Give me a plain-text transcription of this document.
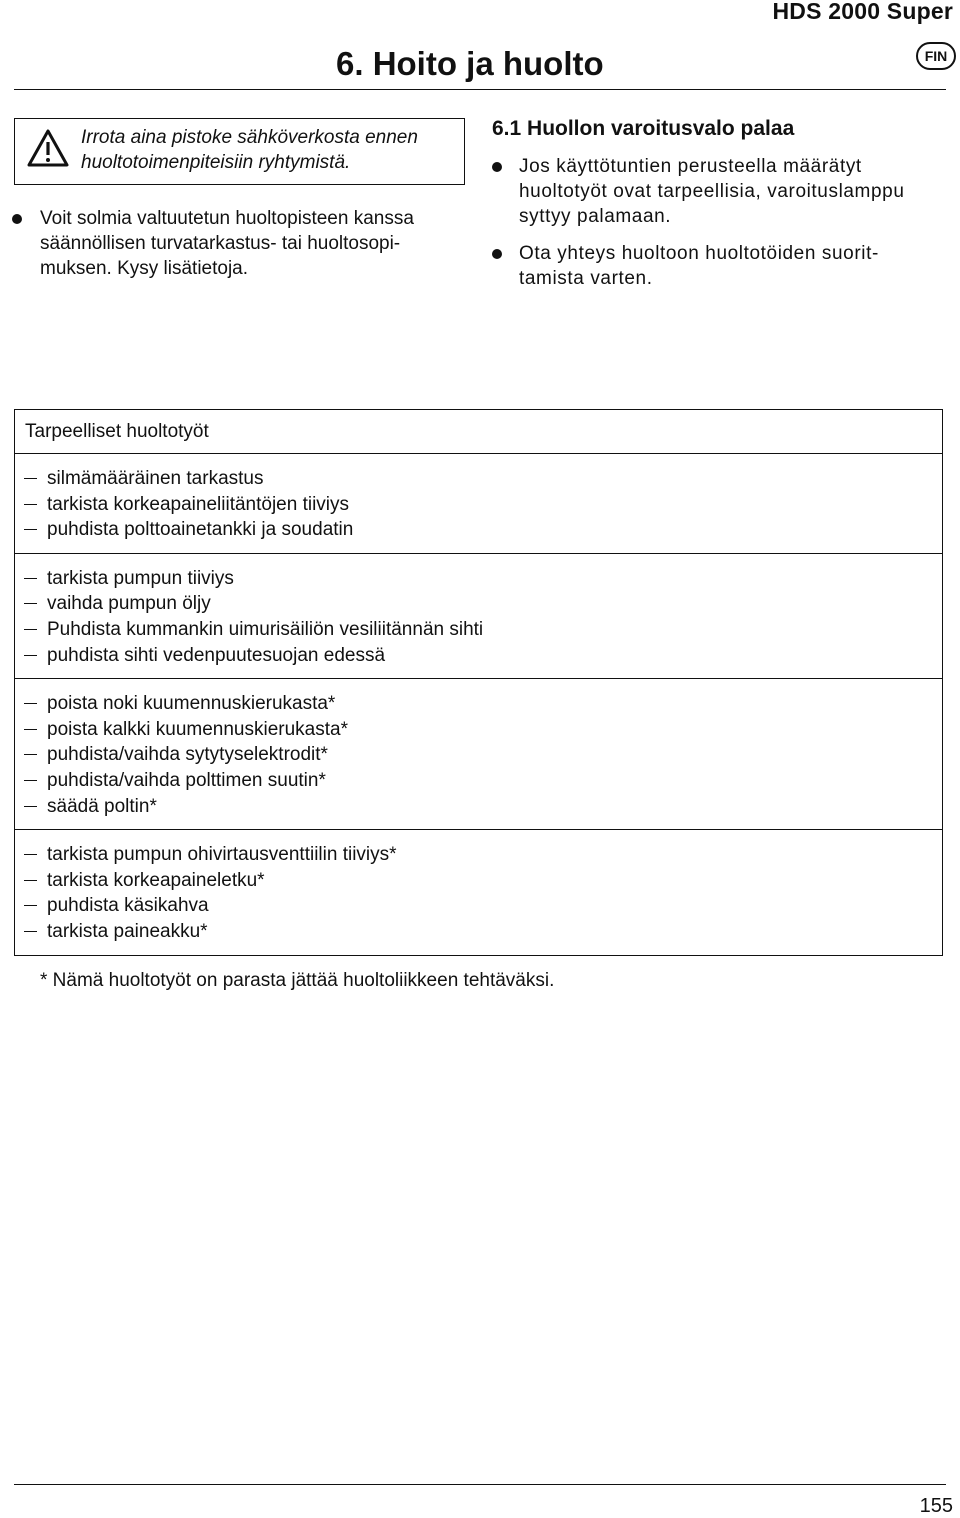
HDS 2000 Super
6. Hoito ja huolto	FIN
Irrota aina pistoke sähköverkosta ennen
huoltotoimenpiteisiin ryhtymistä.
Voit solmia valtuutetun huoltopisteen kanssa
säännöllisen turvatarkastus- tai huoltosopi-
muksen. Kysy lisätietoja.
6.1 Huollon varoitusvalo palaa
Jos käyttötuntien perusteella määrätyt
huoltotyöt ovat tarpeellisia, varoituslamppu
syttyy palamaan.
Ota yhteys huoltoon huoltotöiden suorit-
tamista varten.
Tarpeelliset huoltotyöt
silmämääräinen tarkastus
tarkista korkeapaineliitäntöjen tiiviys
puhdista polttoainetankki ja soudatin
tarkista pumpun tiiviys
vaihda pumpun öljy
Puhdista kummankin uimurisäiliön vesiliitännän sihti
puhdista sihti vedenpuutesuojan edessä
poista noki kuumennuskierukasta*
poista kalkki kuumennuskierukasta*
puhdista/vaihda sytytyselektrodit*
puhdista/vaihda polttimen suutin*
säädä poltin*
tarkista pumpun ohivirtausventtiilin tiiviys*
tarkista korkeapaineletku*
puhdista käsikahva
tarkista paineakku*
* Nämä huoltotyöt on parasta jättää huoltoliikkeen tehtäväksi.
155
